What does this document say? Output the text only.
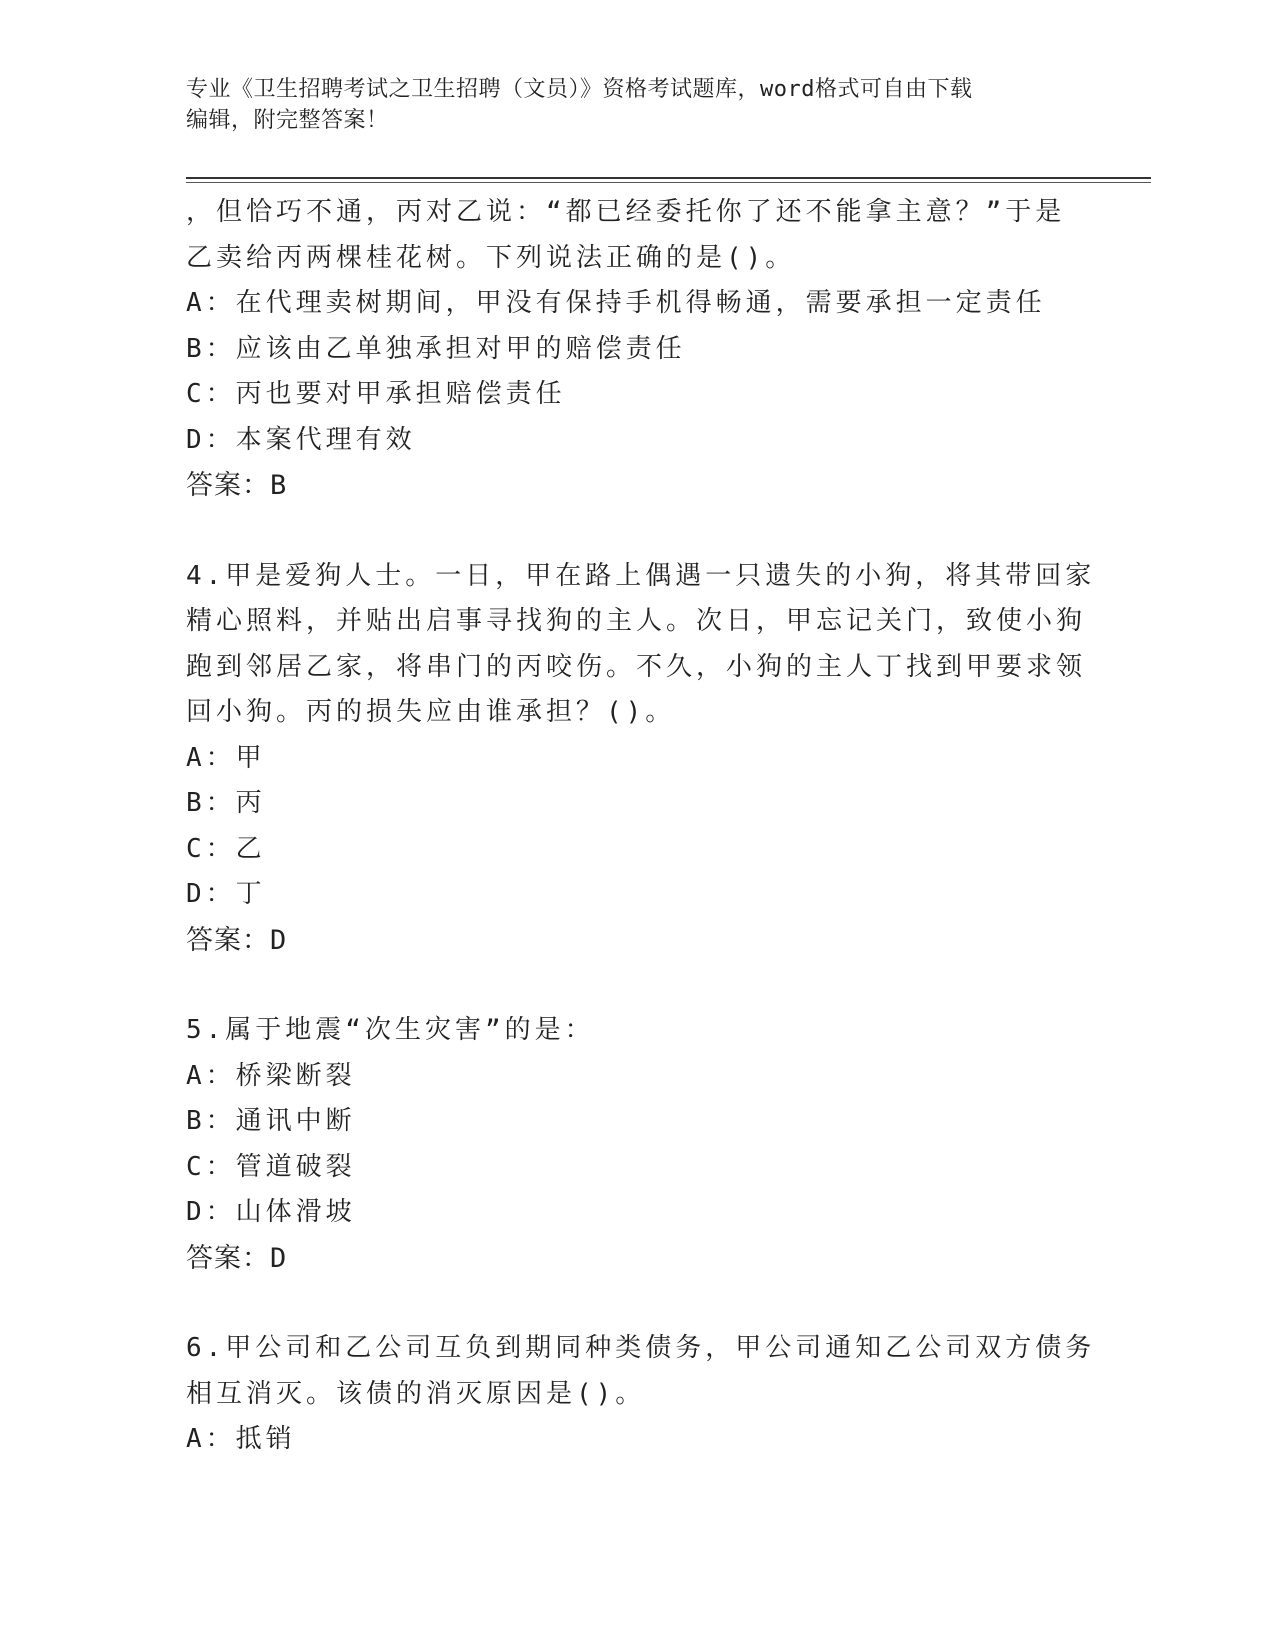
专业《卫生招聘考试之卫生招聘（文员）》资格考试题库，word格式可自由下载
编辑，附完整答案！
，但恰巧不通，丙对乙说：“都已经委托你了还不能拿主意？”于是
乙卖给丙两棵桂花树。下列说法正确的是()。
A：在代理卖树期间，甲没有保持手机得畅通，需要承担一定责任
B：应该由乙单独承担对甲的赔偿责任
C：丙也要对甲承担赔偿责任
D：本案代理有效
答案：B
4.甲是爱狗人士。一日，甲在路上偶遇一只遗失的小狗，将其带回家
精心照料，并贴出启事寻找狗的主人。次日，甲忘记关门，致使小狗
跑到邻居乙家，将串门的丙咬伤。不久，小狗的主人丁找到甲要求领
回小狗。丙的损失应由谁承担？()。
A：甲
B：丙
C：乙
D：丁
答案：D
5.属于地震“次生灾害”的是：
A：桥梁断裂
B：通讯中断
C：管道破裂
D：山体滑坡
答案：D
6.甲公司和乙公司互负到期同种类债务，甲公司通知乙公司双方债务
相互消灭。该债的消灭原因是()。
A：抵销
